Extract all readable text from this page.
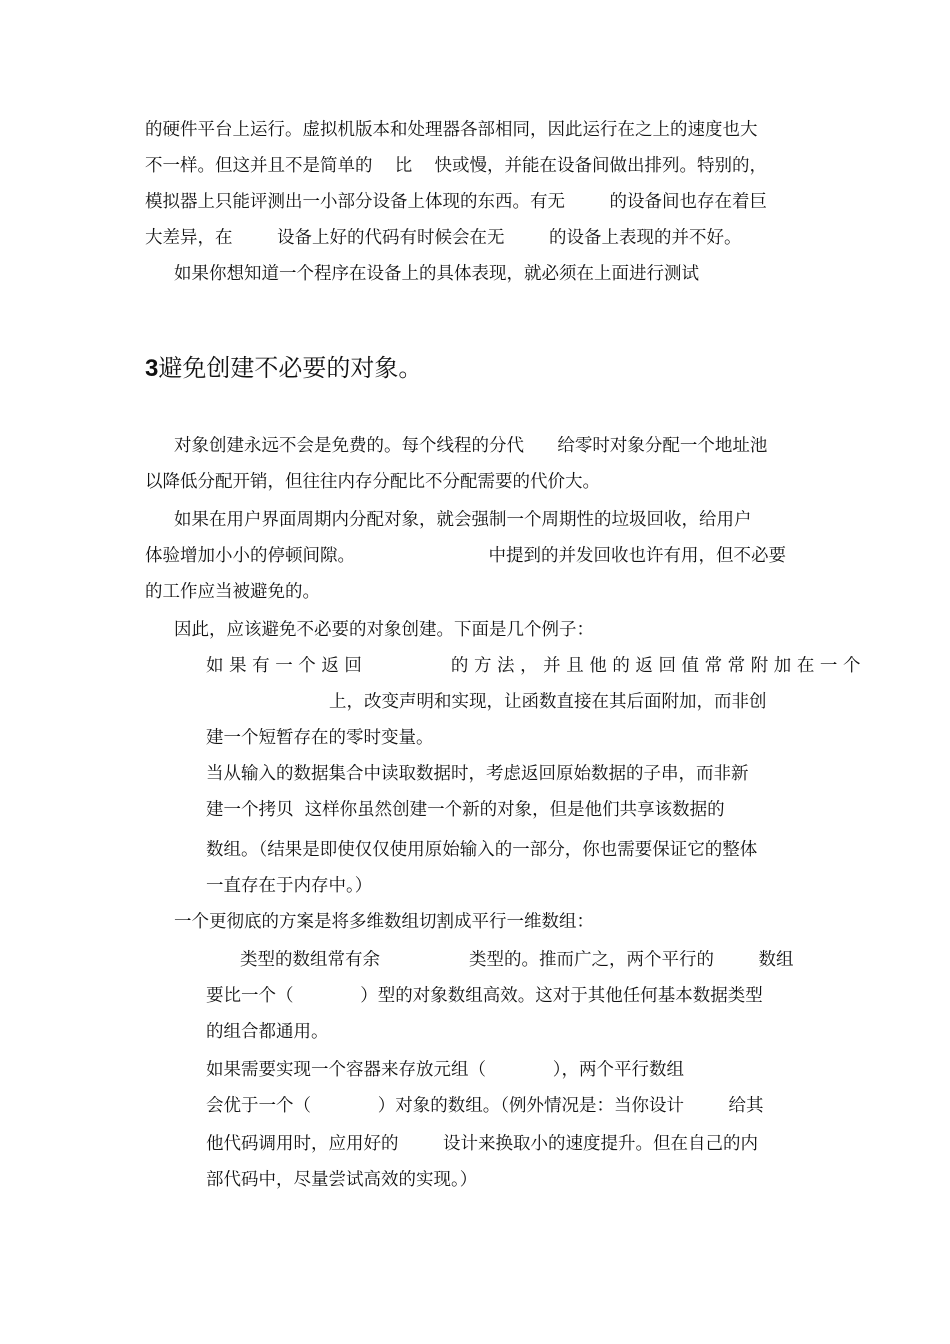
的硬件平台上运行。虚拟机版本和处理器各部相同，因此运行在之上的速度也大
不一样。但这并且不是简单的    比    快或慢，并能在设备间做出排列。特别的，
模拟器上只能评测出一小部分设备上体现的东西。有无        的设备间也存在着巨
大差异，在        设备上好的代码有时候会在无        的设备上表现的并不好。
如果你想知道一个程序在设备上的具体表现，就必须在上面进行测试
3避免创建不必要的对象。
对象创建永远不会是免费的。每个线程的分代      给零时对象分配一个地址池
以降低分配开销，但往往内存分配比不分配需要的代价大。
如果在用户界面周期内分配对象，就会强制一个周期性的垃圾回收，给用户
体验增加小小的停顿间隙。                        中提到的并发回收也许有用，但不必要
的工作应当被避免的。
因此，应该避免不必要的对象创建。下面是几个例子：
如 果 有 一 个 返 回                的 方 法 ， 并 且 他 的 返 回 值 常 常 附 加 在 一 个
上，改变声明和实现，让函数直接在其后面附加，而非创
建一个短暂存在的零时变量。
当从输入的数据集合中读取数据时，考虑返回原始数据的子串，而非新
建一个拷贝  这样你虽然创建一个新的对象，但是他们共享该数据的
数组。（结果是即使仅仅使用原始输入的一部分，你也需要保证它的整体
一直存在于内存中。）
一个更彻底的方案是将多维数组切割成平行一维数组：
类型的数组常有余                类型的。推而广之，两个平行的        数组
要比一个（            ）型的对象数组高效。这对于其他任何基本数据类型
的组合都通用。
如果需要实现一个容器来存放元组（            ），两个平行数组
会优于一个（            ）对象的数组。（例外情况是：当你设计        给其
他代码调用时，应用好的        设计来换取小的速度提升。但在自己的内
部代码中，尽量尝试高效的实现。）
